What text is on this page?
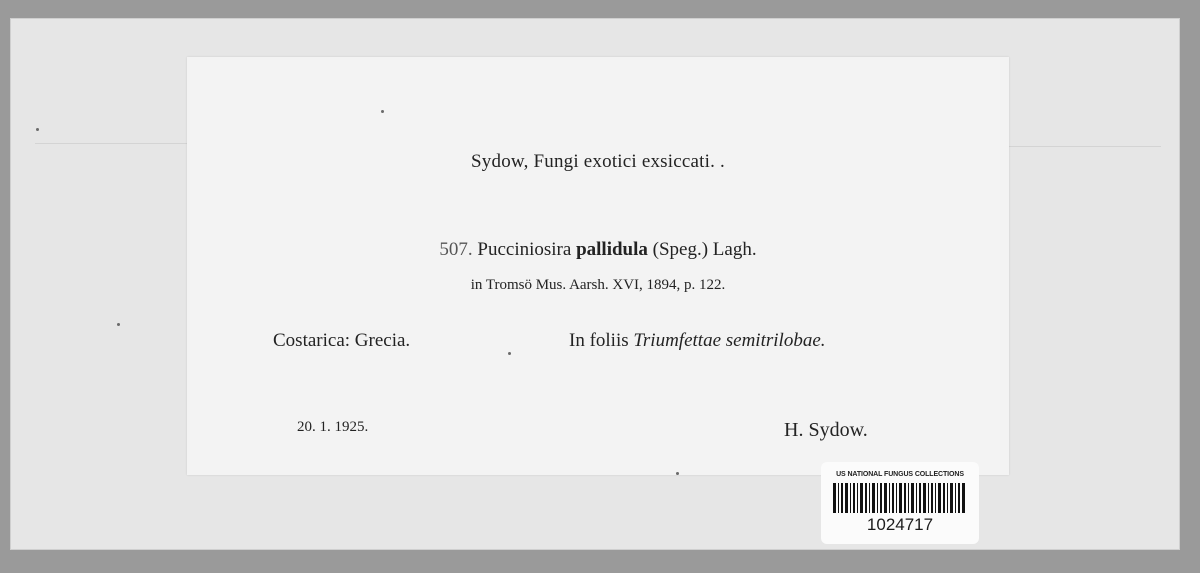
Sydow, Fungi exotici exsiccati. .
507. Pucciniosira pallidula (Speg.) Lagh.
in Tromsö Mus. Aarsh. XVI, 1894, p. 122.
Costarica: Grecia.	In foliis Triumfettae semitrilobae.
20. 1. 1925.	H. Sydow.
US NATIONAL FUNGUS COLLECTIONS
1024717
